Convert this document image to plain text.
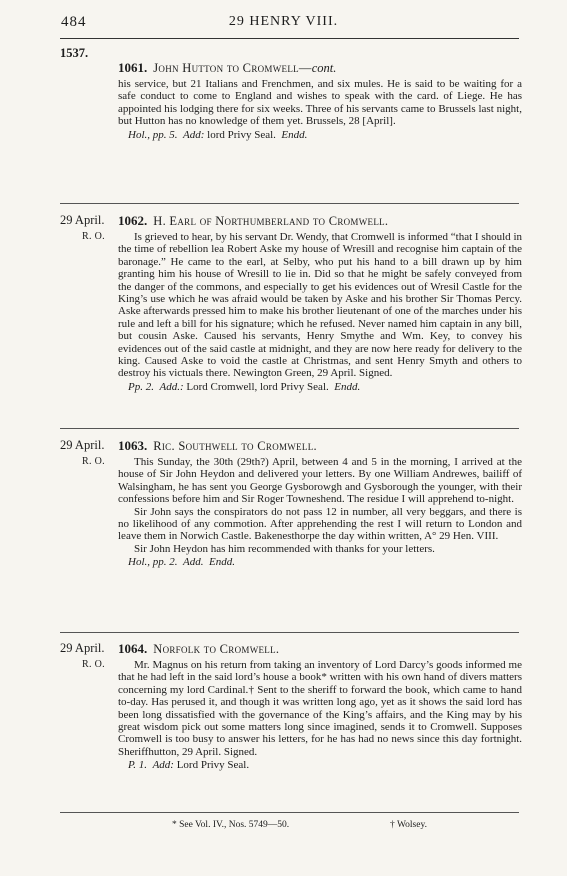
484	29 HENRY VIII.
1537.
1061. John Hutton to Cromwell—cont.

his service, but 21 Italians and Frenchmen, and six mules. He is said to be waiting for a safe conduct to come to England and wishes to speak with the card. of Liege. He has appointed his lodging there for six weeks. Three of his servants came to Brussels last night, but Hutton has no knowledge of them yet. Brussels, 28 [April].

Hol., pp. 5. Add: lord Privy Seal. Endd.
29 April.
R. O.
1062. H. Earl of Northumberland to Cromwell.

Is grieved to hear, by his servant Dr. Wendy, that Cromwell is informed “that I should in the time of rebellion lea Robert Aske my house of Wresill and recognise him captain of the baronage.” He came to the earl, at Selby, who put his hand to a bill drawn up by him granting him his house of Wresill to lie in. Did so that he might be safely conveyed from the danger of the commons, and especially to get his evidences out of Wresil Castle for the King’s use which he was afraid would be taken by Aske and his brother Sir Thomas Percy. Aske afterwards pressed him to make his brother lieutenant of one of the marches under his rule and left a bill for his signature; which he refused. Never named him captain in any bill, but cousin Aske. Caused his servants, Henry Smythe and Wm. Key, to convey his evidences out of the said castle at midnight, and they are now here ready for delivery to the king. Caused Aske to void the castle at Christmas, and sent Henry Smyth and others to destroy his victuals there. Newington Green, 29 April. Signed.

Pp. 2. Add.: Lord Cromwell, lord Privy Seal. Endd.
29 April.
R. O.
1063. Ric. Southwell to Cromwell.

This Sunday, the 30th (29th?) April, between 4 and 5 in the morning, I arrived at the house of Sir John Heydon and delivered your letters. By one William Andrewes, bailiff of Walsingham, he has sent you George Gysborowgh and Gysborough the younger, with their confessions before him and Sir Roger Towneshend. The residue I will apprehend to-night.

Sir John says the conspirators do not pass 12 in number, all very beggars, and there is no likelihood of any commotion. After apprehending the rest I will return to London and leave them in Norwich Castle. Bakenesthorpe the day within written, A° 29 Hen. VIII.

Sir John Heydon has him recommended with thanks for your letters.

Hol., pp. 2. Add. Endd.
29 April.
R. O.
1064. Norfolk to Cromwell.

Mr. Magnus on his return from taking an inventory of Lord Darcy’s goods informed me that he had left in the said lord’s house a book* written with his own hand of divers matters concerning my lord Cardinal.† Sent to the sheriff to forward the book, which came to hand to-day. Has perused it, and though it was written long ago, yet as it shows the said lord has been long dissatisfied with the governance of the King’s affairs, and the King may by his great wisdom pick out some matters long since imagined, sends it to Cromwell. Supposes Cromwell is too busy to answer his letters, for he has had no news since this day fortnight. Sheriffhutton, 29 April. Signed.

P. 1. Add: Lord Privy Seal.
* See Vol. IV., Nos. 5749—50.	† Wolsey.
